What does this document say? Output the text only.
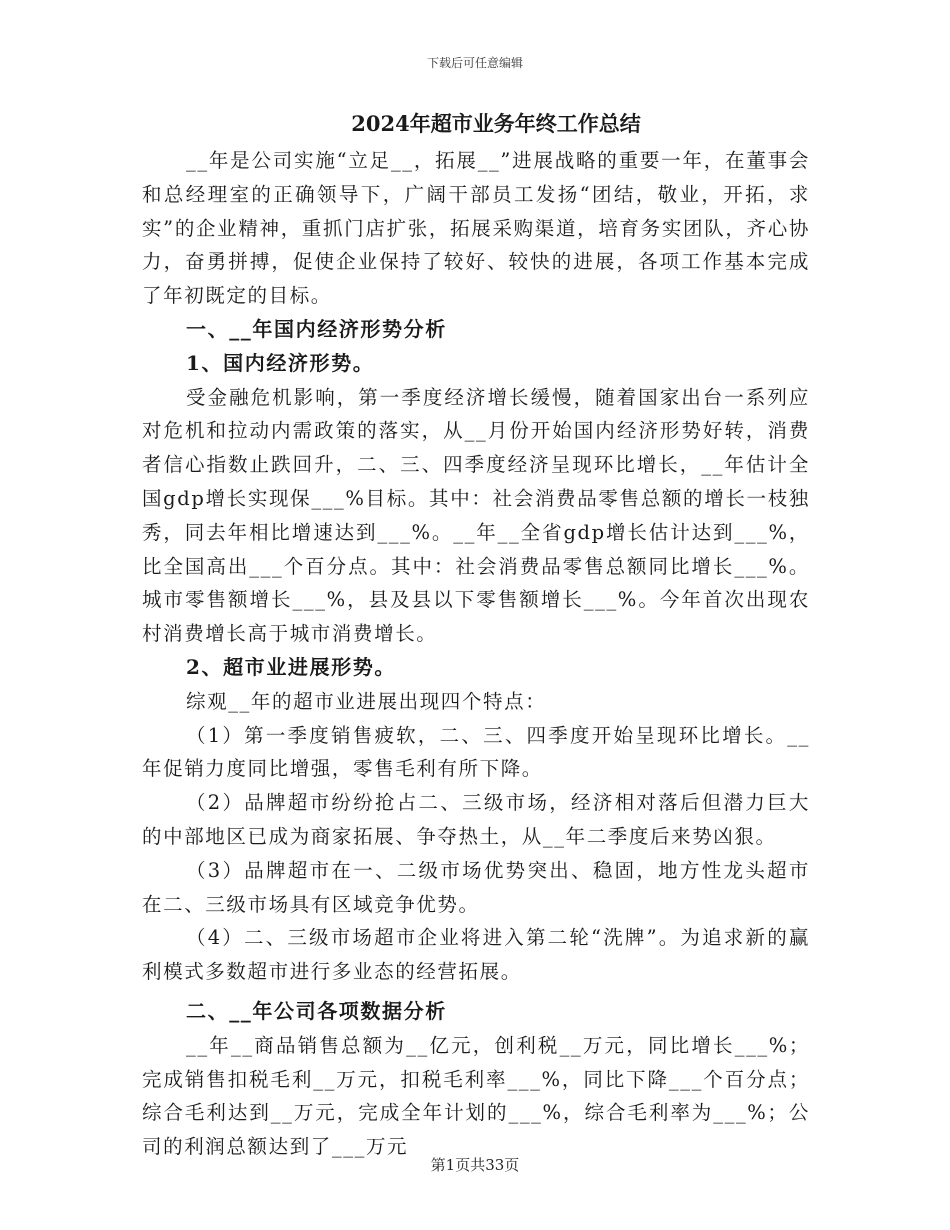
下载后可任意编辑
2024年超市业务年终工作总结

__年是公司实施“立足__，拓展__”进展战略的重要一年，在董事会和总经理室的正确领导下，广阔干部员工发扬“团结，敬业，开拓，求实”的企业精神，重抓门店扩张，拓展采购渠道，培育务实团队，齐心协力，奋勇拼搏，促使企业保持了较好、较快的进展，各项工作基本完成了年初既定的目标。

一、__年国内经济形势分析

1、国内经济形势。

受金融危机影响，第一季度经济增长缓慢，随着国家出台一系列应对危机和拉动内需政策的落实，从__月份开始国内经济形势好转，消费者信心指数止跌回升，二、三、四季度经济呈现环比增长，__年估计全国gdp增长实现保___%目标。其中：社会消费品零售总额的增长一枝独秀，同去年相比增速达到___%。__年__全省gdp增长估计达到___%，比全国高出___个百分点。其中：社会消费品零售总额同比增长___%。城市零售额增长___%，县及县以下零售额增长___%。今年首次出现农村消费增长高于城市消费增长。

2、超市业进展形势。

综观__年的超市业进展出现四个特点：

（1）第一季度销售疲软，二、三、四季度开始呈现环比增长。__年促销力度同比增强，零售毛利有所下降。

（2）品牌超市纷纷抢占二、三级市场，经济相对落后但潜力巨大的中部地区已成为商家拓展、争夺热土，从__年二季度后来势凶狠。

（3）品牌超市在一、二级市场优势突出、稳固，地方性龙头超市在二、三级市场具有区域竞争优势。

（4）二、三级市场超市企业将进入第二轮“洗牌”。为追求新的赢利模式多数超市进行多业态的经营拓展。

二、__年公司各项数据分析

__年__商品销售总额为__亿元，创利税__万元，同比增长___%；完成销售扣税毛利__万元，扣税毛利率___%，同比下降___个百分点；综合毛利达到__万元，完成全年计划的___%，综合毛利率为___%；公司的利润总额达到了___万元

第1页共33页
